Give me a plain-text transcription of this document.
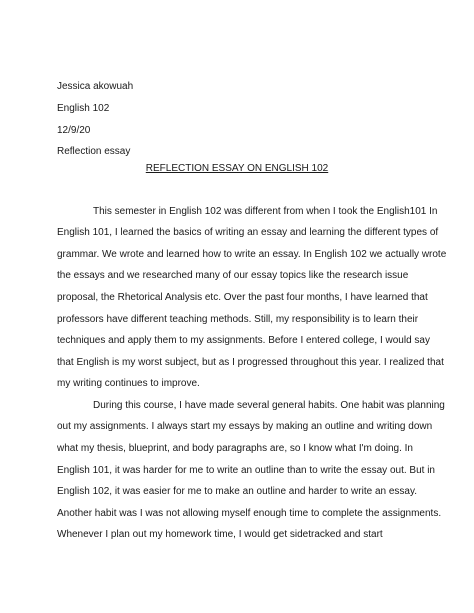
Jessica akowuah
English 102
12/9/20
Reflection essay
REFLECTION ESSAY ON ENGLISH 102
This semester in English 102 was different from when I took the English101 In
English 101, I learned the basics of writing an essay and learning the different types of
grammar. We wrote and learned how to write an essay. In English 102 we actually wrote
the essays and we researched many of our essay topics like the research issue
proposal, the Rhetorical Analysis etc. Over the past four months, I have learned that
professors have different teaching methods. Still, my responsibility is to learn their
techniques and apply them to my assignments. Before I entered college, I would say
that English is my worst subject, but as I progressed throughout this year. I realized that
my writing continues to improve.
During this course, I have made several general habits. One habit was planning
out my assignments. I always start my essays by making an outline and writing down
what my thesis, blueprint, and body paragraphs are, so I know what I'm doing. In
English 101, it was harder for me to write an outline than to write the essay out. But in
English 102, it was easier for me to make an outline and harder to write an essay.
Another habit was I was not allowing myself enough time to complete the assignments.
Whenever I plan out my homework time, I would get sidetracked and start
